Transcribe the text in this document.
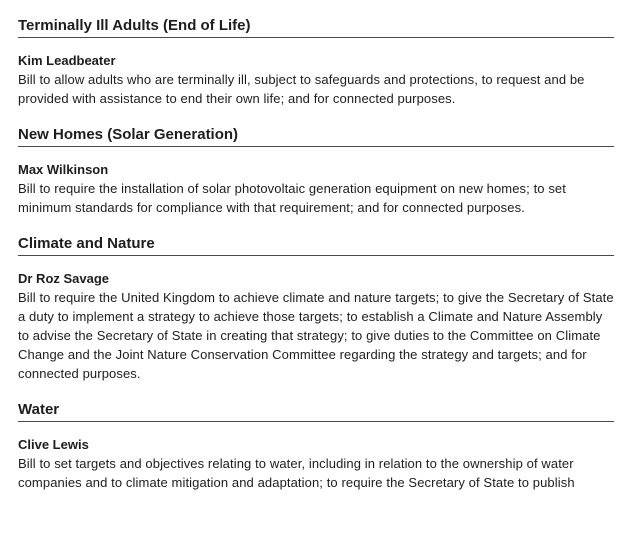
Terminally Ill Adults (End of Life)

Kim Leadbeater

Bill to allow adults who are terminally ill, subject to safeguards and protections, to request and be provided with assistance to end their own life; and for connected purposes.

New Homes (Solar Generation)

Max Wilkinson

Bill to require the installation of solar photovoltaic generation equipment on new homes; to set minimum standards for compliance with that requirement; and for connected purposes.

Climate and Nature

Dr Roz Savage

Bill to require the United Kingdom to achieve climate and nature targets; to give the Secretary of State a duty to implement a strategy to achieve those targets; to establish a Climate and Nature Assembly to advise the Secretary of State in creating that strategy; to give duties to the Committee on Climate Change and the Joint Nature Conservation Committee regarding the strategy and targets; and for connected purposes.

Water

Clive Lewis

Bill to set targets and objectives relating to water, including in relation to the ownership of water companies and to climate mitigation and adaptation; to require the Secretary of State to publish
